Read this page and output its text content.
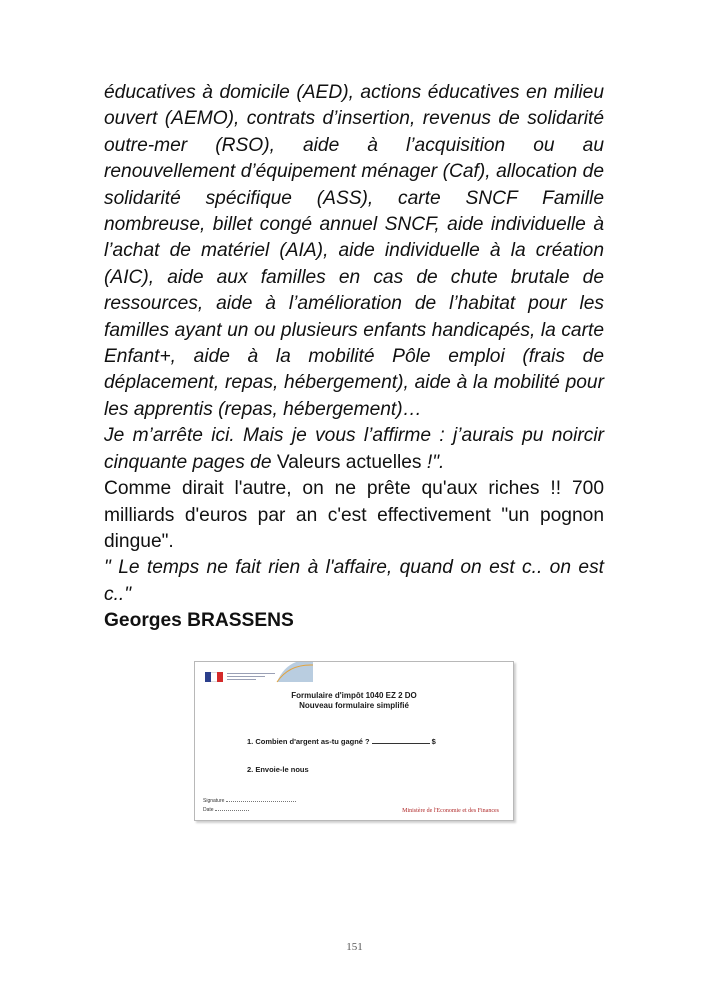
éducatives à domicile (AED), actions éducatives en milieu ouvert (AEMO), contrats d’insertion, revenus de solidarité outre-mer (RSO), aide à l’acquisition ou au renouvellement d’équipement ménager (Caf), allocation de solidarité spécifique (ASS), carte SNCF Famille nombreuse, billet congé annuel SNCF, aide individuelle à l’achat de matériel (AIA), aide individuelle à la création (AIC), aide aux familles en cas de chute brutale de ressources, aide à l’amélioration de l’habitat pour les familles ayant un ou plusieurs enfants handicapés, la carte Enfant+, aide à la mobilité Pôle emploi (frais de déplacement, repas, hébergement), aide à la mobilité pour les apprentis (repas, hébergement)…

Je m’arrête ici. Mais je vous l’affirme : j’aurais pu noircir cinquante pages de Valeurs actuelles !".

Comme dirait l'autre, on ne prête qu'aux riches !! 700 milliards d'euros par an c'est effectivement "un pognon dingue".

" Le temps ne fait rien à l'affaire, quand on est c.. on est c.."

Georges BRASSENS

Formulaire d'impôt 1040 EZ 2 DO
Nouveau formulaire simplifié
1. Combien d'argent as-tu gagné ?	$
2. Envoie-le nous
Signature
Date	Ministère de l'Economie et des Finances
151
